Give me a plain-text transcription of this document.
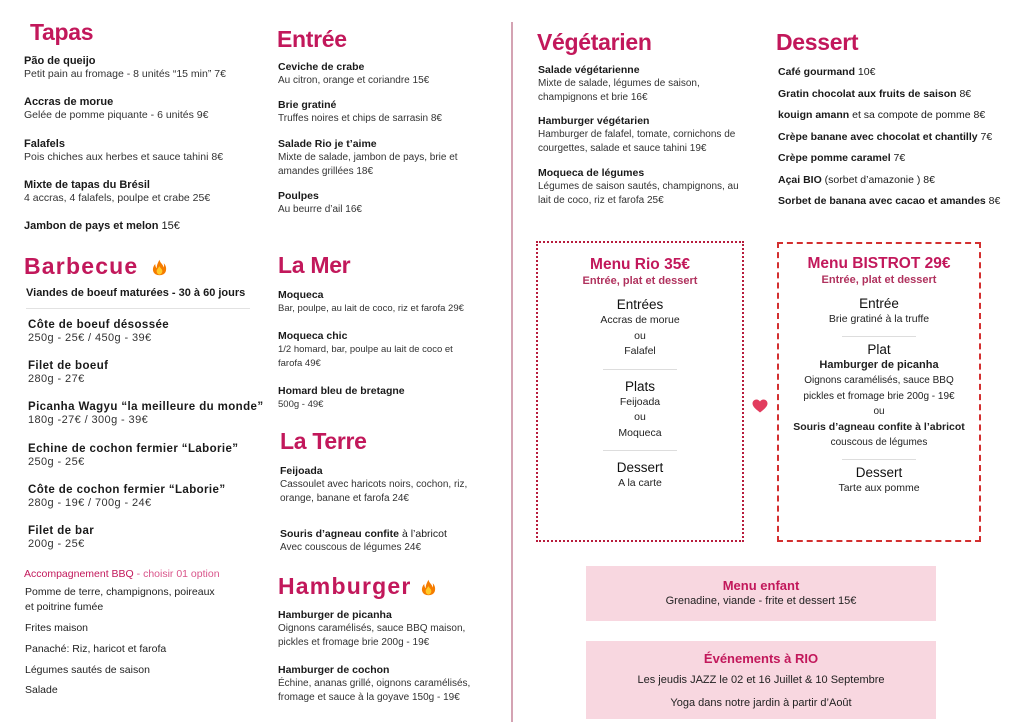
Tapas
Pão de queijo
Petit pain au fromage - 8 unités “15 min” 7€
Accras de morue
Gelée de pomme piquante - 6 unités 9€
Falafels
Pois chiches aux herbes et sauce tahini 8€
Mixte de tapas du Brésil
4 accras, 4 falafels, poulpe et crabe 25€
Jambon de pays et melon 15€
Barbecue
Viandes de boeuf maturées - 30 à 60 jours
Côte de boeuf désossée
250g - 25€ / 450g - 39€
Filet de boeuf
280g - 27€
Picanha Wagyu “la meilleure du monde”
180g -27€ / 300g - 39€
Echine de cochon fermier “Laborie”
250g - 25€
Côte de cochon fermier “Laborie”
280g - 19€ / 700g - 24€
Filet de bar
200g - 25€
Accompagnement BBQ - choisir 01 option
Pomme de terre, champignons, poireaux
et poitrine fumée
Frites maison
Panaché: Riz, haricot et farofa
Légumes sautés de saison
Salade
Entrée
Ceviche de crabe
Au citron, orange et coriandre 15€
Brie gratiné
Truffes noires et chips de sarrasin 8€
Salade Rio je t’aime
Mixte de salade, jambon de pays, brie et amandes grillées 18€
Poulpes
Au beurre d’ail 16€
La Mer
Moqueca
Bar, poulpe, au lait de coco, riz et farofa 29€
Moqueca chic
1/2 homard, bar, poulpe au lait de coco et farofa 49€
Homard bleu de bretagne
500g - 49€
La Terre
Feijoada
Cassoulet avec haricots noirs, cochon, riz, orange, banane et farofa 24€
Souris d’agneau confite à l’abricot
Avec couscous de légumes 24€
Hamburger
Hamburger de picanha
Oignons caramélisés, sauce BBQ maison, pickles et fromage brie 200g - 19€
Hamburger de cochon
Échine, ananas grillé, oignons caramélisés, fromage et sauce à la goyave 150g - 19€
Végétarien
Salade végétarienne
Mixte de salade, légumes de saison, champignons et brie 16€
Hamburger végétarien
Hamburger de falafel, tomate, cornichons de courgettes, salade et sauce tahini 19€
Moqueca de légumes
Légumes de saison sautés, champignons, au lait de coco, riz et farofa 25€
Dessert
Café gourmand 10€
Gratin chocolat aux fruits de saison 8€
kouign amann et sa compote de pomme 8€
Crèpe banane avec chocolat et chantilly 7€
Crèpe pomme caramel 7€
Açai BIO (sorbet d’amazonie ) 8€
Sorbet de banana avec cacao et amandes 8€
Menu Rio 35€
Entrée, plat et dessert
Entrées
Accras de morue
ou
Falafel
Plats
Feijoada
ou
Moqueca
Dessert
A la carte
Menu BISTROT 29€
Entrée, plat et dessert
Entrée
Brie gratiné à la truffe
Plat
Hamburger de picanha
Oignons caramélisés, sauce BBQ
pickles et fromage brie 200g - 19€
ou
Souris d’agneau confite à l’abricot
couscous de légumes
Dessert
Tarte aux pomme
Menu enfant
Grenadine, viande - frite et dessert 15€
Événements à RIO
Les jeudis JAZZ le 02 et 16 Juillet & 10 Septembre
Yoga dans notre jardin à partir d’Août
